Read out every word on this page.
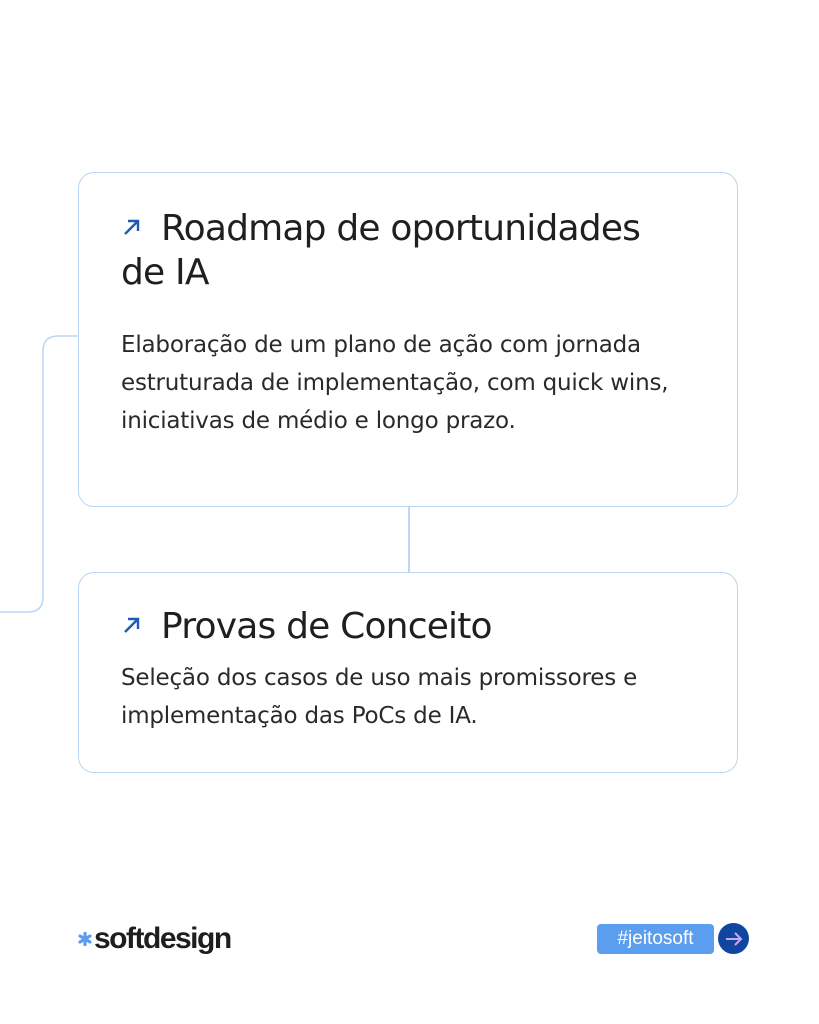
Roadmap de oportunidades de IA
Elaboração de um plano de ação com jornada estruturada de implementação, com quick wins, iniciativas de médio e longo prazo.
Provas de Conceito
Seleção dos casos de uso mais promissores e implementação das PoCs de IA.
softdesign	#jeitosoft
